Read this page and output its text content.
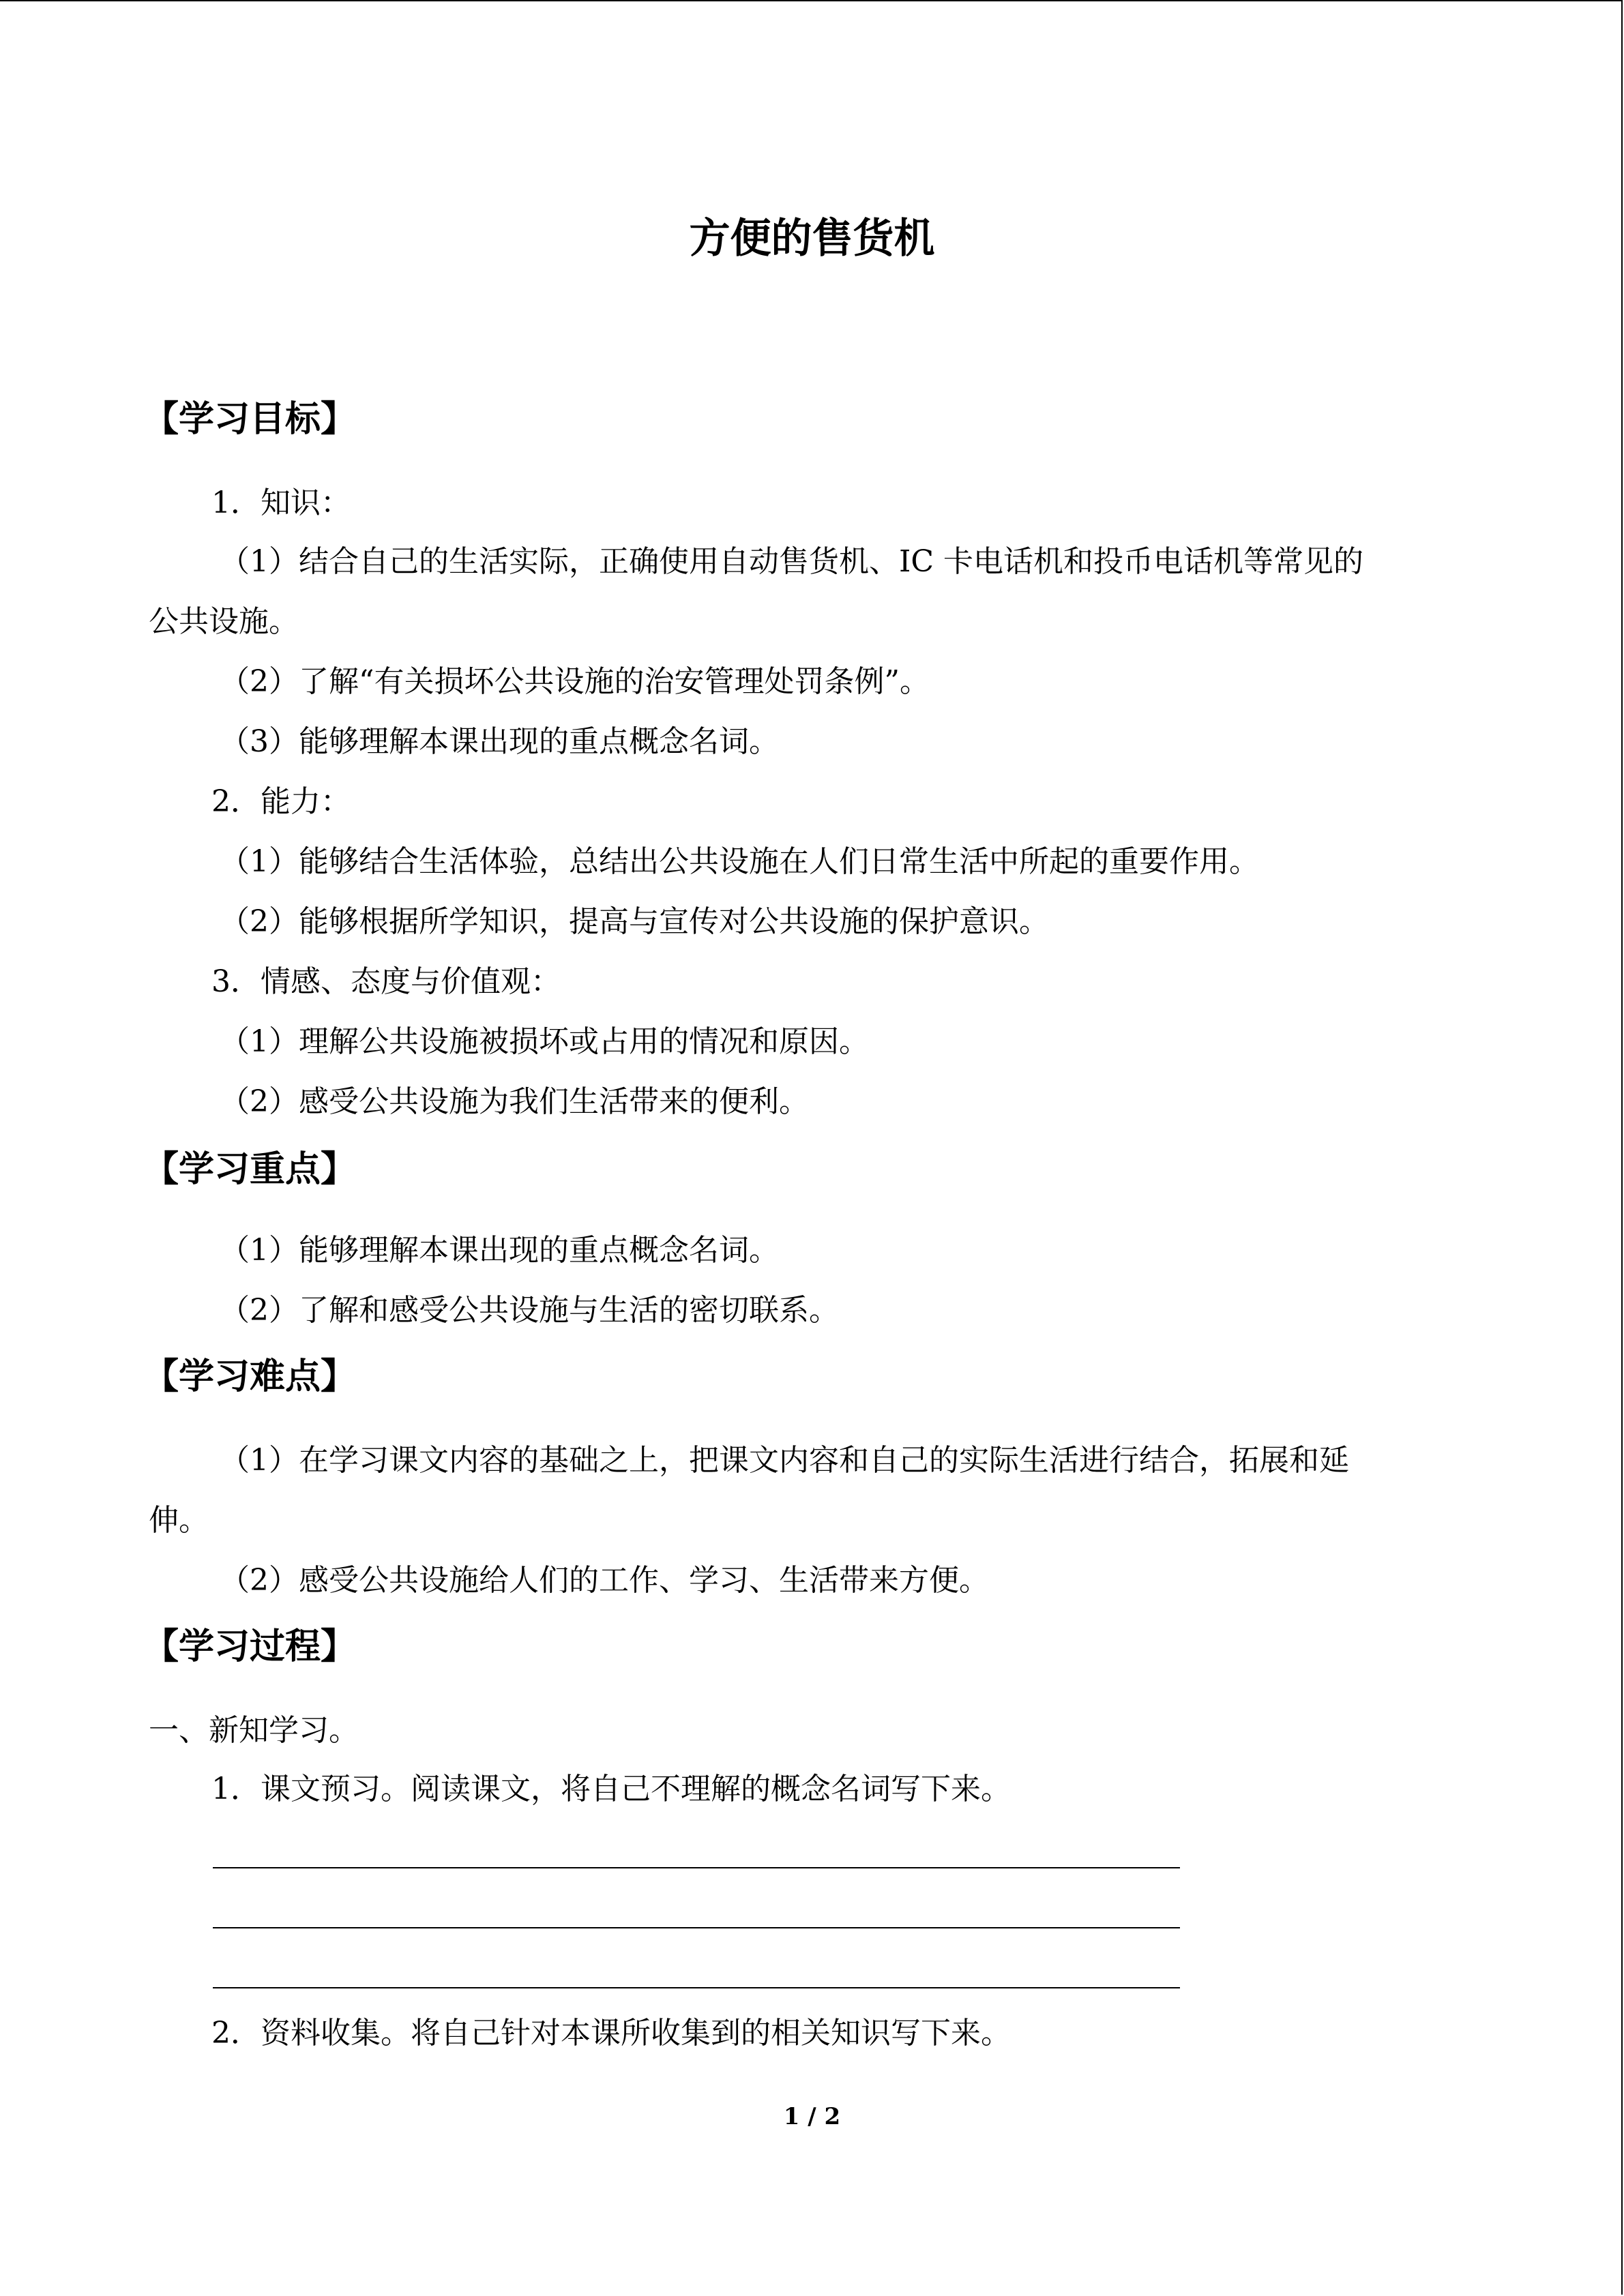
方便的售货机
【学习目标】
1．知识：
（1）结合自己的生活实际，正确使用自动售货机、IC 卡电话机和投币电话机等常见的
公共设施。
（2）了解“有关损坏公共设施的治安管理处罚条例”。
（3）能够理解本课出现的重点概念名词。
2．能力：
（1）能够结合生活体验，总结出公共设施在人们日常生活中所起的重要作用。
（2）能够根据所学知识，提高与宣传对公共设施的保护意识。
3．情感、态度与价值观：
（1）理解公共设施被损坏或占用的情况和原因。
（2）感受公共设施为我们生活带来的便利。
【学习重点】
（1）能够理解本课出现的重点概念名词。
（2）了解和感受公共设施与生活的密切联系。
【学习难点】
（1）在学习课文内容的基础之上，把课文内容和自己的实际生活进行结合，拓展和延
伸。
（2）感受公共设施给人们的工作、学习、生活带来方便。
【学习过程】
一、新知学习。
1．课文预习。阅读课文，将自己不理解的概念名词写下来。
2．资料收集。将自己针对本课所收集到的相关知识写下来。
1 / 2
